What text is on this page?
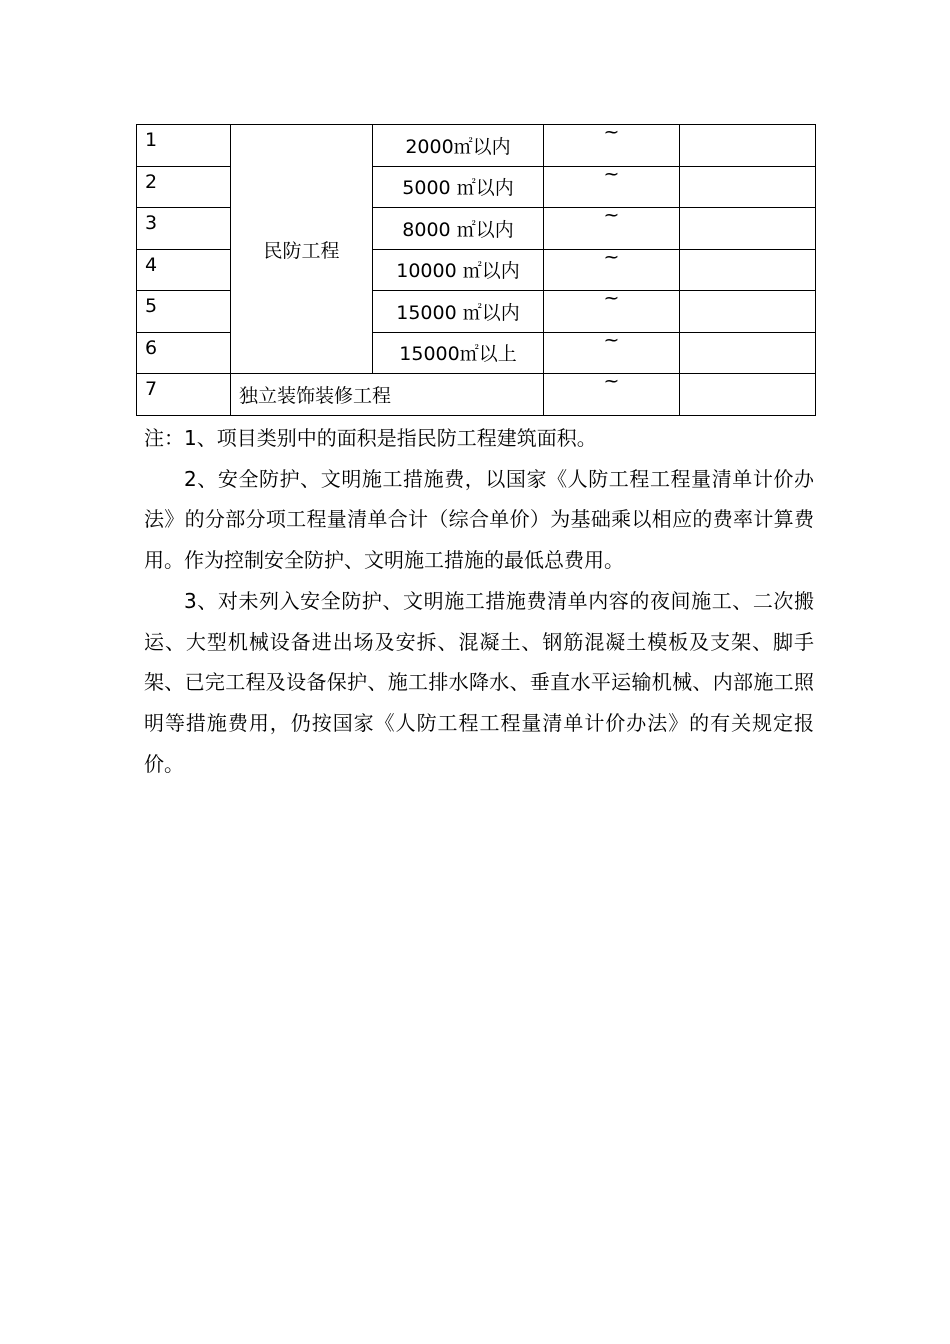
1	民防工程	2000㎡以内	~	
2		5000 ㎡以内	~	
3		8000 ㎡以内	~	
4		10000 ㎡以内	~	
5		15000 ㎡以内	~	
6		15000㎡以上	~	
7	独立装饰装修工程		~	

注：1、项目类别中的面积是指民防工程建筑面积。

2、安全防护、文明施工措施费，以国家《人防工程工程量清单计价办法》的分部分项工程量清单合计（综合单价）为基础乘以相应的费率计算费用。作为控制安全防护、文明施工措施的最低总费用。

3、对未列入安全防护、文明施工措施费清单内容的夜间施工、二次搬运、大型机械设备进出场及安拆、混凝土、钢筋混凝土模板及支架、脚手架、已完工程及设备保护、施工排水降水、垂直水平运输机械、内部施工照明等措施费用，仍按国家《人防工程工程量清单计价办法》的有关规定报价。
